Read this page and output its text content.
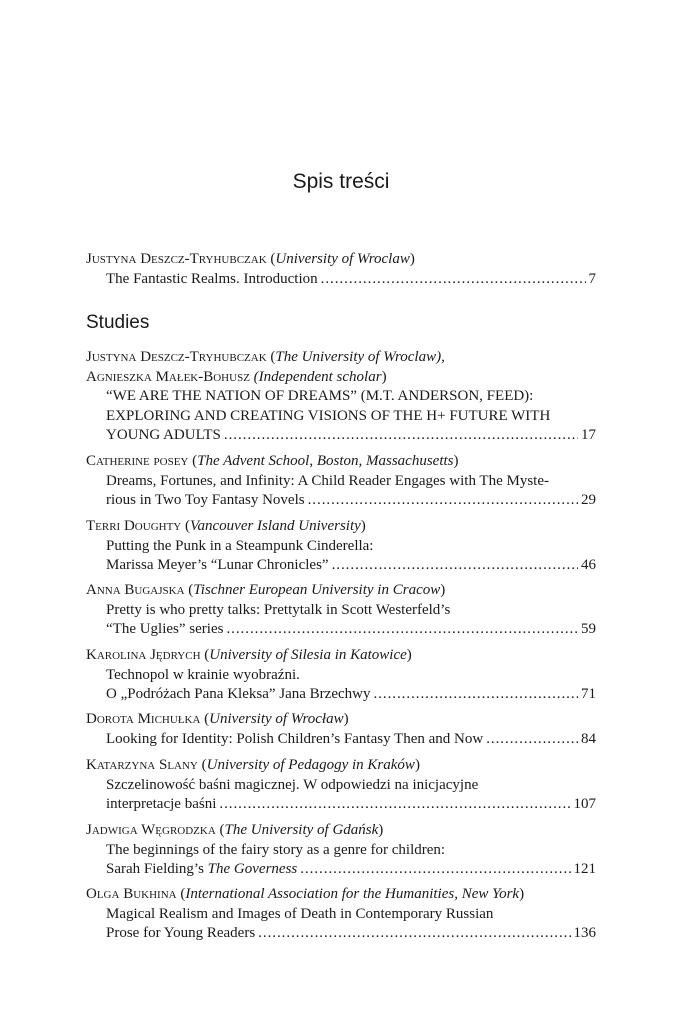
Spis treści
Justyna Deszcz-Tryhubczak (University of Wroclaw)
The Fantastic Realms. Introduction . . .	7
Studies
Justyna Deszcz-Tryhubczak (The University of Wroclaw),
Agnieszka Małek-Bohusz (Independent scholar)
“WE ARE THE NATION OF DREAMS” (M.T. ANDERSON, FEED):
EXPLORING AND CREATING VISIONS OF THE H+ FUTURE WITH
YOUNG ADULTS . . .	17
Catherine posey (The Advent School, Boston, Massachusetts)
Dreams, Fortunes, and Infinity: A Child Reader Engages with The Myste-
rious in Two Toy Fantasy Novels . . .	29
Terri Doughty (Vancouver Island University)
Putting the Punk in a Steampunk Cinderella:
Marissa Meyer’s “Lunar Chronicles” . . .	46
Anna Bugajska (Tischner European University in Cracow)
Pretty is who pretty talks: Prettytalk in Scott Westerfeld’s
“The Uglies” series . . .	59
Karolina Jędrych (University of Silesia in Katowice)
Technopol w krainie wyobraźni.
O „Podróżach Pana Kleksa” Jana Brzechwy . . .	71
Dorota Michułka (University of Wrocław)
Looking for Identity: Polish Children’s Fantasy Then and Now . . .	84
Katarzyna Slany (University of Pedagogy in Kraków)
Szczelinowość baśni magicznej. W odpowiedzi na inicjacyjne
interpretacje baśni . . .	107
Jadwiga Węgrodzka (The University of Gdańsk)
The beginnings of the fairy story as a genre for children:
Sarah Fielding’s The Governess . . .	121
Olga Bukhina (International Association for the Humanities, New York)
Magical Realism and Images of Death in Contemporary Russian
Prose for Young Readers . . .	136
